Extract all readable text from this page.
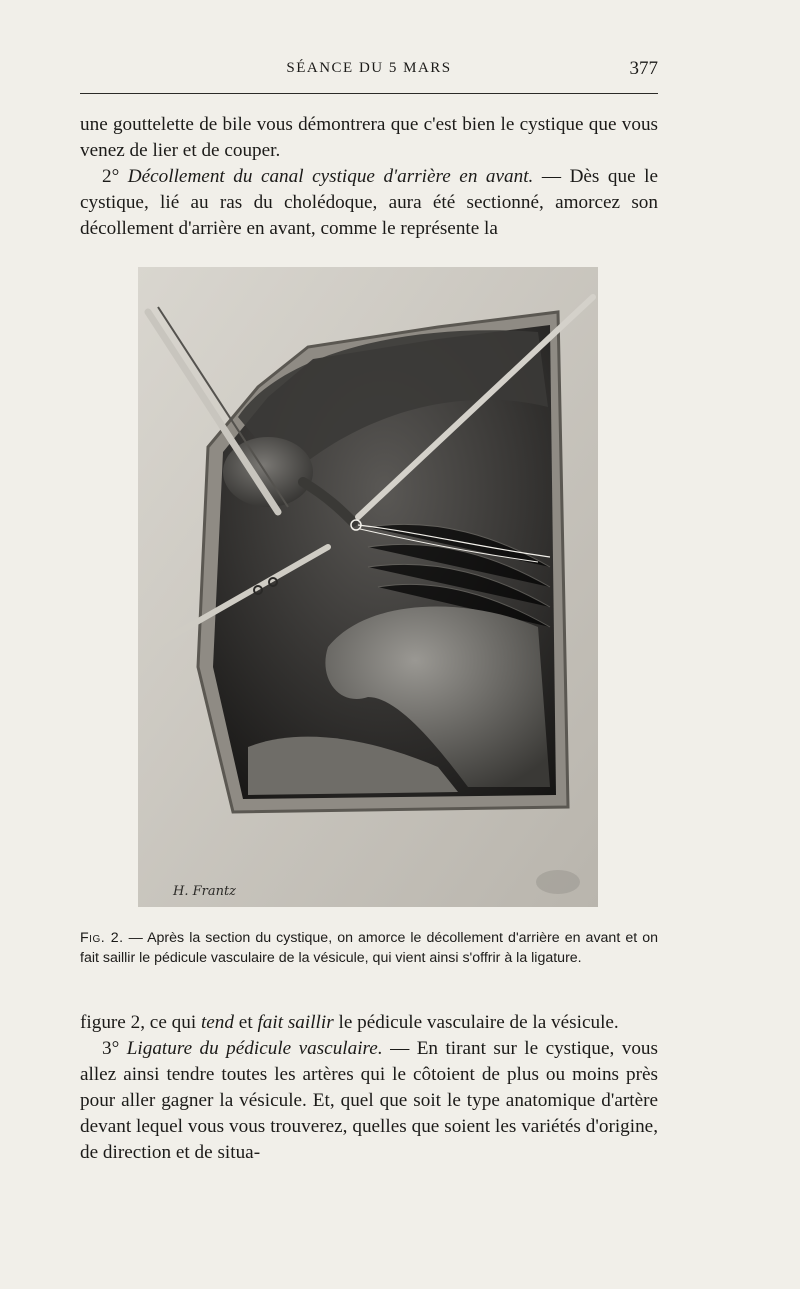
SÉANCE DU 5 MARS	377

une gouttelette de bile vous démontrera que c'est bien le cystique que vous venez de lier et de couper.

2° Décollement du canal cystique d'arrière en avant. — Dès que le cystique, lié au ras du cholédoque, aura été sectionné, amorcez son décollement d'arrière en avant, comme le représente la

H. Frantz

Fig. 2. — Après la section du cystique, on amorce le décollement d'arrière en avant et on fait saillir le pédicule vasculaire de la vésicule, qui vient ainsi s'offrir à la ligature.

figure 2, ce qui tend et fait saillir le pédicule vasculaire de la vésicule.

3° Ligature du pédicule vasculaire. — En tirant sur le cystique, vous allez ainsi tendre toutes les artères qui le côtoient de plus ou moins près pour aller gagner la vésicule. Et, quel que soit le type anatomique d'artère devant lequel vous vous trouverez, quelles que soient les variétés d'origine, de direction et de situa-
